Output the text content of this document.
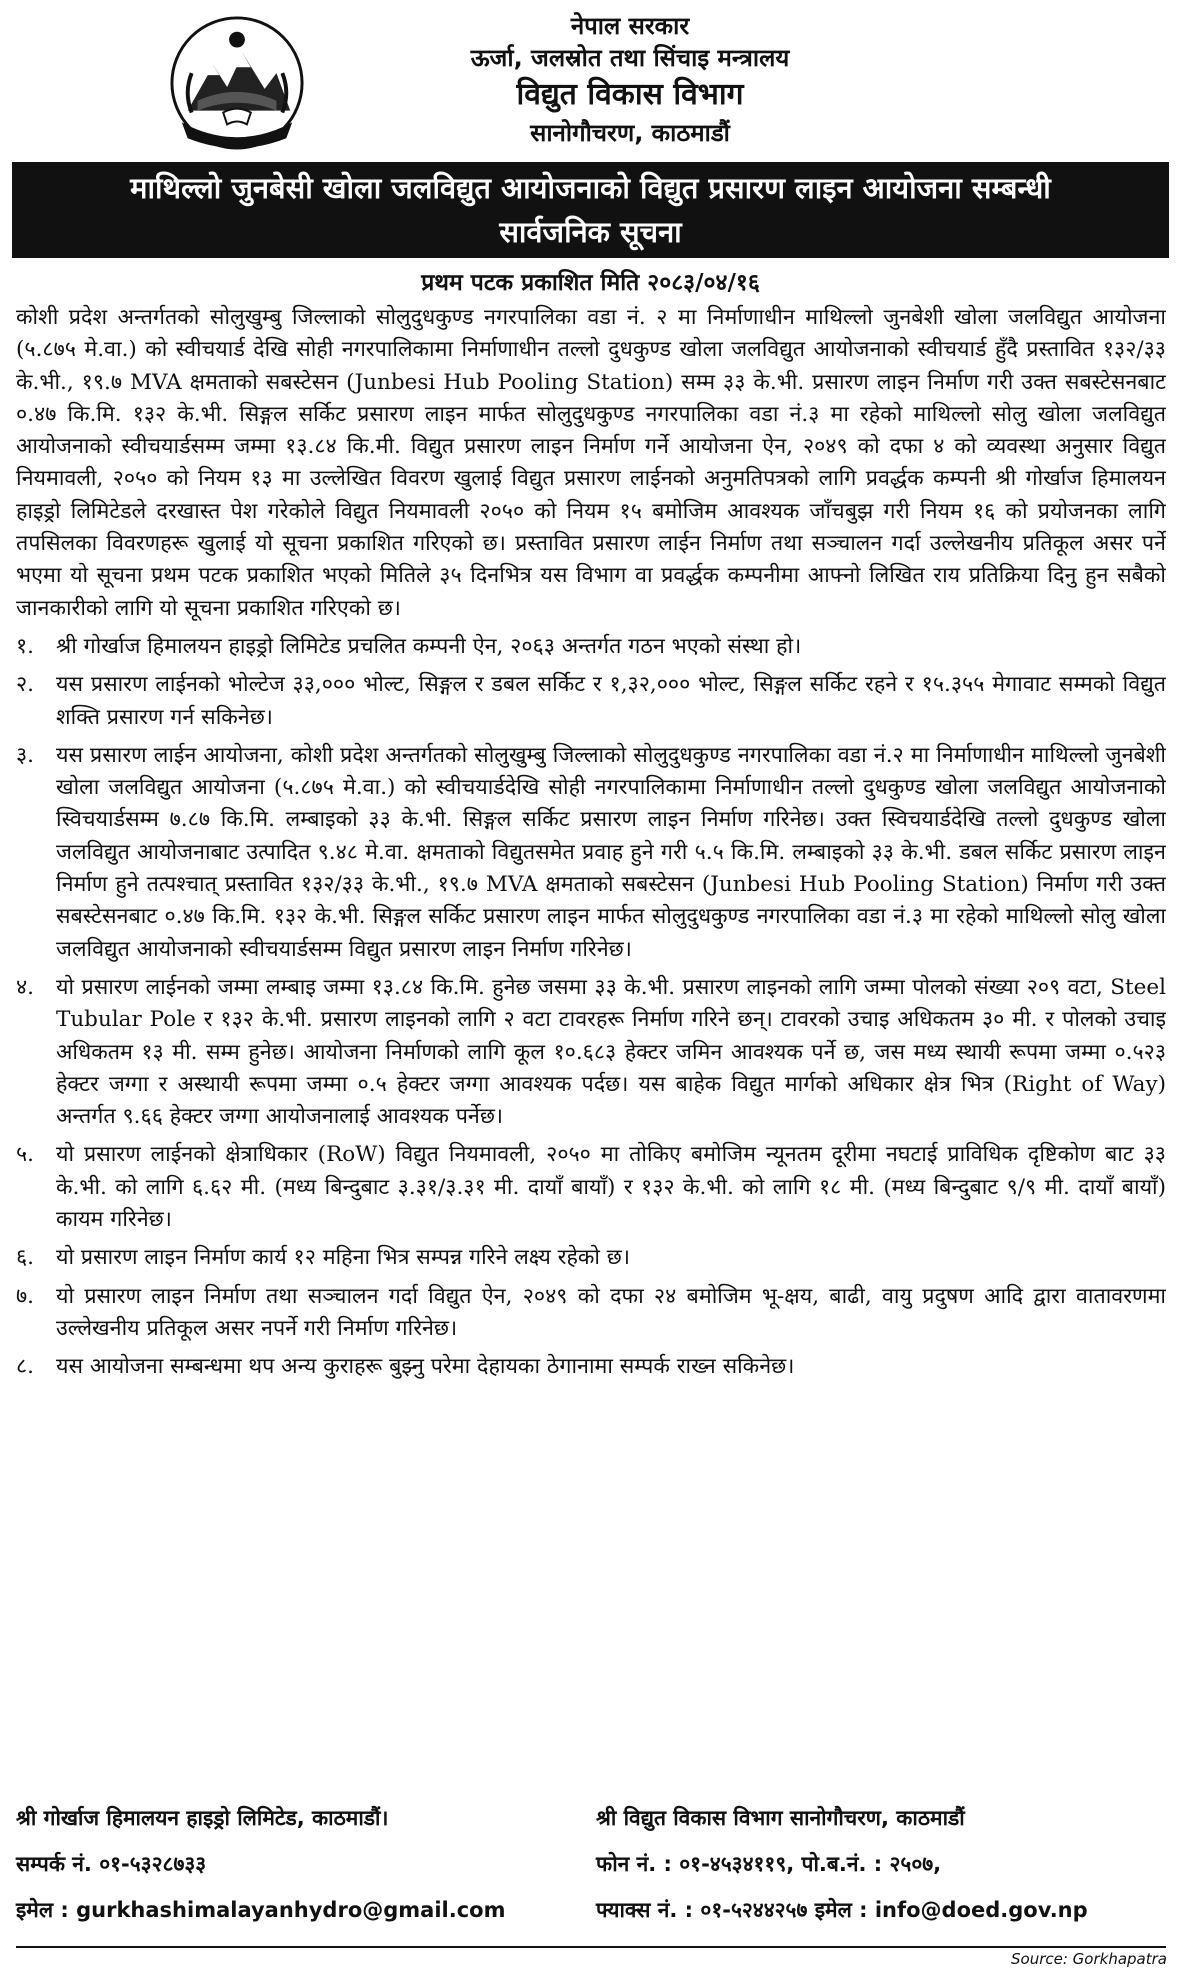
नेपाल सरकार
ऊर्जा, जलस्रोत तथा सिंचाइ मन्त्रालय
विद्युत विकास विभाग
सानोगौचरण, काठमाडौं
माथिल्लो जुनबेसी खोला जलविद्युत आयोजनाको विद्युत प्रसारण लाइन आयोजना सम्बन्धी
सार्वजनिक सूचना
प्रथम पटक प्रकाशित मिति २०८३/०४/१६

कोशी प्रदेश अन्तर्गतको सोलुखुम्बु जिल्लाको सोलुदुधकुण्ड नगरपालिका वडा नं. २ मा निर्माणाधीन माथिल्लो जुनबेशी खोला जलविद्युत आयोजना (५.८७५ मे.वा.) को स्वीचयार्ड देखि सोही नगरपालिकामा निर्माणाधीन तल्लो दुधकुण्ड खोला जलविद्युत आयोजनाको स्वीचयार्ड हुँदै प्रस्तावित १३२/३३ के.भी., १९.७ MVA क्षमताको सबस्टेसन (Junbesi Hub Pooling Station) सम्म ३३ के.भी. प्रसारण लाइन निर्माण गरी उक्त सबस्टेसनबाट ०.४७ कि.मि. १३२ के.भी. सिङ्गल सर्किट प्रसारण लाइन मार्फत सोलुदुधकुण्ड नगरपालिका वडा नं.३ मा रहेको माथिल्लो सोलु खोला जलविद्युत आयोजनाको स्वीचयार्डसम्म जम्मा १३.८४ कि.मी. विद्युत प्रसारण लाइन निर्माण गर्ने आयोजना ऐन, २०४९ को दफा ४ को व्यवस्था अनुसार विद्युत नियमावली, २०५० को नियम १३ मा उल्लेखित विवरण खुलाई विद्युत प्रसारण लाईनको अनुमतिपत्रको लागि प्रवर्द्धक कम्पनी श्री गोर्खाज हिमालयन हाइड्रो लिमिटेडले दरखास्त पेश गरेकोले विद्युत नियमावली २०५० को नियम १५ बमोजिम आवश्यक जाँचबुझ गरी नियम १६ को प्रयोजनका लागि तपसिलका विवरणहरू खुलाई यो सूचना प्रकाशित गरिएको छ। प्रस्तावित प्रसारण लाईन निर्माण तथा सञ्चालन गर्दा उल्लेखनीय प्रतिकूल असर पर्ने भएमा यो सूचना प्रथम पटक प्रकाशित भएको मितिले ३५ दिनभित्र यस विभाग वा प्रवर्द्धक कम्पनीमा आफ्नो लिखित राय प्रतिक्रिया दिनु हुन सबैको जानकारीको लागि यो सूचना प्रकाशित गरिएको छ।

१.	श्री गोर्खाज हिमालयन हाइड्रो लिमिटेड प्रचलित कम्पनी ऐन, २०६३ अन्तर्गत गठन भएको संस्था हो।
२.	यस प्रसारण लाईनको भोल्टेज ३३,००० भोल्ट, सिङ्गल र डबल सर्किट र १,३२,००० भोल्ट, सिङ्गल सर्किट रहने र १५.३५५ मेगावाट सम्मको विद्युत शक्ति प्रसारण गर्न सकिनेछ।
३.	यस प्रसारण लाईन आयोजना, कोशी प्रदेश अन्तर्गतको सोलुखुम्बु जिल्लाको सोलुदुधकुण्ड नगरपालिका वडा नं.२ मा निर्माणाधीन माथिल्लो जुनबेशी खोला जलविद्युत आयोजना (५.८७५ मे.वा.) को स्वीचयार्डदेखि सोही नगरपालिकामा निर्माणाधीन तल्लो दुधकुण्ड खोला जलविद्युत आयोजनाको स्विचयार्डसम्म ७.८७ कि.मि. लम्बाइको ३३ के.भी. सिङ्गल सर्किट प्रसारण लाइन निर्माण गरिनेछ। उक्त स्विचयार्डदेखि तल्लो दुधकुण्ड खोला जलविद्युत आयोजनाबाट उत्पादित ९.४८ मे.वा. क्षमताको विद्युतसमेत प्रवाह हुने गरी ५.५ कि.मि. लम्बाइको ३३ के.भी. डबल सर्किट प्रसारण लाइन निर्माण हुने तत्पश्चात् प्रस्तावित १३२/३३ के.भी., १९.७ MVA क्षमताको सबस्टेसन (Junbesi Hub Pooling Station) निर्माण गरी उक्त सबस्टेसनबाट ०.४७ कि.मि. १३२ के.भी. सिङ्गल सर्किट प्रसारण लाइन मार्फत सोलुदुधकुण्ड नगरपालिका वडा नं.३ मा रहेको माथिल्लो सोलु खोला जलविद्युत आयोजनाको स्वीचयार्डसम्म विद्युत प्रसारण लाइन निर्माण गरिनेछ।
४.	यो प्रसारण लाईनको जम्मा लम्बाइ जम्मा १३.८४ कि.मि. हुनेछ जसमा ३३ के.भी. प्रसारण लाइनको लागि जम्मा पोलको संख्या २०९ वटा, Steel Tubular Pole र १३२ के.भी. प्रसारण लाइनको लागि २ वटा टावरहरू निर्माण गरिने छन्। टावरको उचाइ अधिकतम ३० मी. र पोलको उचाइ अधिकतम १३ मी. सम्म हुनेछ। आयोजना निर्माणको लागि कूल १०.६८३ हेक्टर जमिन आवश्यक पर्ने छ, जस मध्य स्थायी रूपमा जम्मा ०.५२३ हेक्टर जग्गा र अस्थायी रूपमा जम्मा ०.५ हेक्टर जग्गा आवश्यक पर्दछ। यस बाहेक विद्युत मार्गको अधिकार क्षेत्र भित्र (Right of Way) अन्तर्गत ९.६६ हेक्टर जग्गा आयोजनालाई आवश्यक पर्नेछ।
५.	यो प्रसारण लाईनको क्षेत्राधिकार (RoW) विद्युत नियमावली, २०५० मा तोकिए बमोजिम न्यूनतम दूरीमा नघटाई प्राविधिक दृष्टिकोण बाट ३३ के.भी. को लागि ६.६२ मी. (मध्य बिन्दुबाट ३.३१/३.३१ मी. दायाँ बायाँ) र १३२ के.भी. को लागि १८ मी. (मध्य बिन्दुबाट ९/९ मी. दायाँ बायाँ) कायम गरिनेछ।
६.	यो प्रसारण लाइन निर्माण कार्य १२ महिना भित्र सम्पन्न गरिने लक्ष्य रहेको छ।
७.	यो प्रसारण लाइन निर्माण तथा सञ्चालन गर्दा विद्युत ऐन, २०४९ को दफा २४ बमोजिम भू-क्षय, बाढी, वायु प्रदुषण आदि द्वारा वातावरणमा उल्लेखनीय प्रतिकूल असर नपर्ने गरी निर्माण गरिनेछ।
८.	यस आयोजना सम्बन्धमा थप अन्य कुराहरू बुझ्नु परेमा देहायका ठेगानामा सम्पर्क राख्न सकिनेछ।
श्री गोर्खाज हिमालयन हाइड्रो लिमिटेड, काठमाडौं।	श्री विद्युत विकास विभाग सानोगौचरण, काठमाडौं
सम्पर्क नं. ०१-५३२८७३३	फोन नं. : ०१-४५३४११९, पो.ब.नं. : २५०७,
इमेल : gurkhashimalayanhydro@gmail.com	फ्याक्स नं. : ०१-५२४४२५७ इमेल : info@doed.gov.np
Source: Gorkhapatra
